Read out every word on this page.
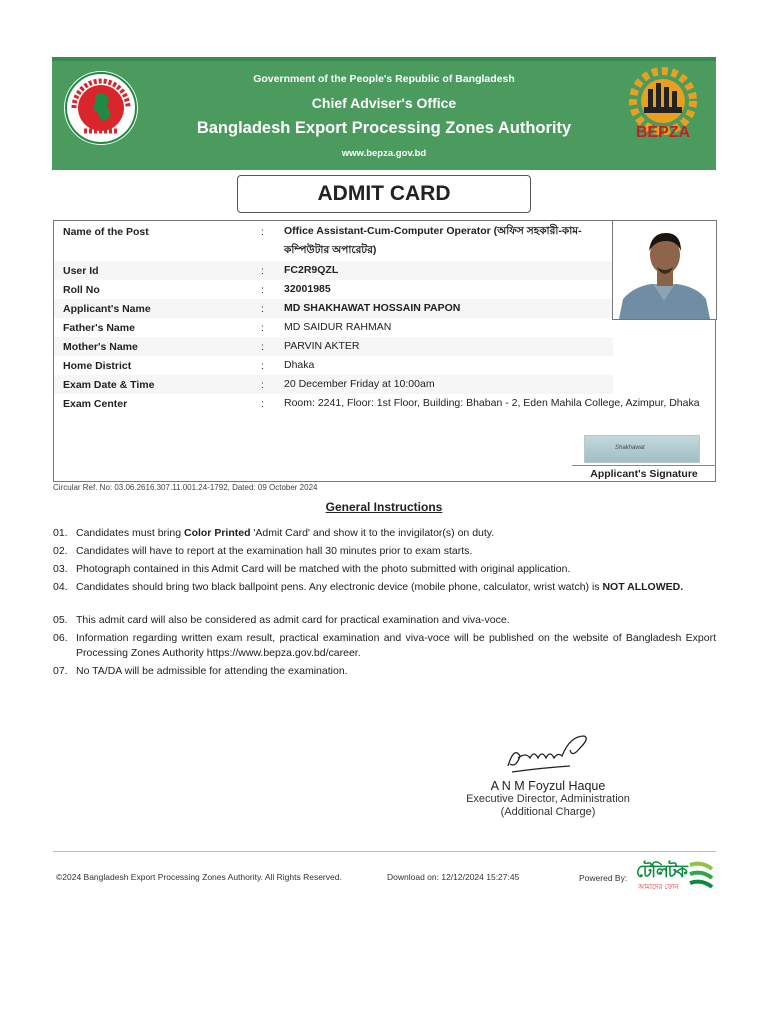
Government of the People's Republic of Bangladesh
Chief Adviser's Office
Bangladesh Export Processing Zones Authority
www.bepza.gov.bd
BEPZA
ADMIT CARD
Name of the Post	: Office Assistant-Cum-Computer Operator (অফিস সহকারী-কাম-কম্পিউটার অপারেটর)
User Id	: FC2R9QZL
Roll No	: 32001985
Applicant's Name	: MD SHAKHAWAT HOSSAIN PAPON
Father's Name	: MD SAIDUR RAHMAN
Mother's Name	: PARVIN AKTER
Home District	: Dhaka
Exam Date & Time	: 20 December Friday at 10:00am
Exam Center	: Room: 2241, Floor: 1st Floor, Building: Bhaban - 2, Eden Mahila College, Azimpur, Dhaka
Shakhawat
Applicant's Signature
Circular Ref. No: 03.06.2616.307.11.001.24-1792, Dated: 09 October 2024
General Instructions
01. Candidates must bring Color Printed 'Admit Card' and show it to the invigilator(s) on duty.
02. Candidates will have to report at the examination hall 30 minutes prior to exam starts.
03. Photograph contained in this Admit Card will be matched with the photo submitted with original application.
04. Candidates should bring two black ballpoint pens. Any electronic device (mobile phone, calculator, wrist watch) is NOT ALLOWED.
05. This admit card will also be considered as admit card for practical examination and viva-voce.
06. Information regarding written exam result, practical examination and viva-voce will be published on the website of Bangladesh Export Processing Zones Authority https://www.bepza.gov.bd/career.
07. No TA/DA will be admissible for attending the examination.
A N M Foyzul Haque
Executive Director, Administration
(Additional Charge)
©2024 Bangladesh Export Processing Zones Authority. All Rights Reserved.	Download on: 12/12/2024 15:27:45	Powered By: টেলিটক
আমাদের ফোন
